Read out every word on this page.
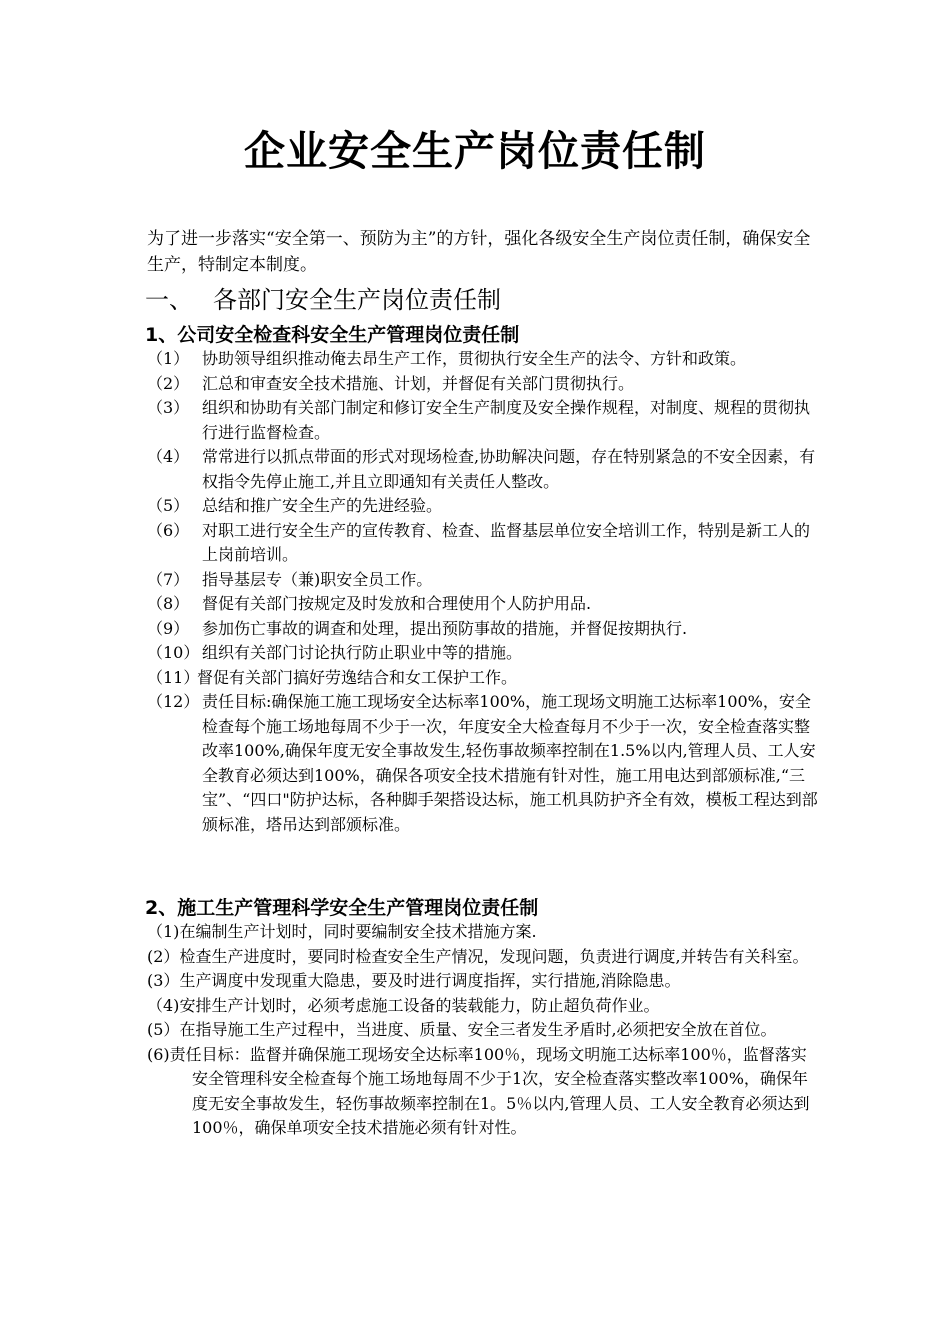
企业安全生产岗位责任制
为了进一步落实“安全第一、预防为主”的方针，强化各级安全生产岗位责任制，确保安全生产，特制定本制度。
一、 各部门安全生产岗位责任制
1、公司安全检查科安全生产管理岗位责任制
（1） 协助领导组织推动俺去昂生产工作，贯彻执行安全生产的法令、方针和政策。
（2） 汇总和审查安全技术措施、计划，并督促有关部门贯彻执行。
（3） 组织和协助有关部门制定和修订安全生产制度及安全操作规程，对制度、规程的贯彻执行进行监督检查。
（4） 常常进行以抓点带面的形式对现场检查,协助解决问题，存在特别紧急的不安全因素，有权指令先停止施工,并且立即通知有关责任人整改。
（5） 总结和推广安全生产的先进经验。
（6） 对职工进行安全生产的宣传教育、检查、监督基层单位安全培训工作，特别是新工人的上岗前培训。
（7） 指导基层专（兼)职安全员工作。
（8） 督促有关部门按规定及时发放和合理使用个人防护用品.
（9） 参加伤亡事故的调查和处理，提出预防事故的措施，并督促按期执行.
（10） 组织有关部门讨论执行防止职业中等的措施。
（11）
督促有关部门搞好劳逸结合和女工保护工作。
（12） 责任目标:确保施工施工现场安全达标率100%，施工现场文明施工达标率100%，安全检查每个施工场地每周不少于一次，年度安全大检查每月不少于一次，安全检查落实整改率100%,确保年度无安全事故发生,轻伤事故频率控制在1.5%以内,管理人员、工人安全教育必须达到100%，确保各项安全技术措施有针对性，施工用电达到部颁标准,“三宝”、“四口"防护达标，各种脚手架搭设达标，施工机具防护齐全有效，模板工程达到部颁标准，塔吊达到部颁标准。
2、施工生产管理科学安全生产管理岗位责任制
（1)在编制生产计划时，同时要编制安全技术措施方案.
(2）检查生产进度时，要同时检查安全生产情况，发现问题，负责进行调度,并转告有关科室。
(3）生产调度中发现重大隐患，要及时进行调度指挥，实行措施,消除隐患。
（4)安排生产计划时，必须考虑施工设备的装载能力，防止超负荷作业。
(5）在指导施工生产过程中，当进度、质量、安全三者发生矛盾时,必须把安全放在首位。
(6)责任目标：监督并确保施工现场安全达标率100％，现场文明施工达标率100％，监督落实安全管理科安全检查每个施工场地每周不少于1次，安全检查落实整改率100%，确保年度无安全事故发生，轻伤事故频率控制在1。5％以内,管理人员、工人安全教育必须达到100％，确保单项安全技术措施必须有针对性。
